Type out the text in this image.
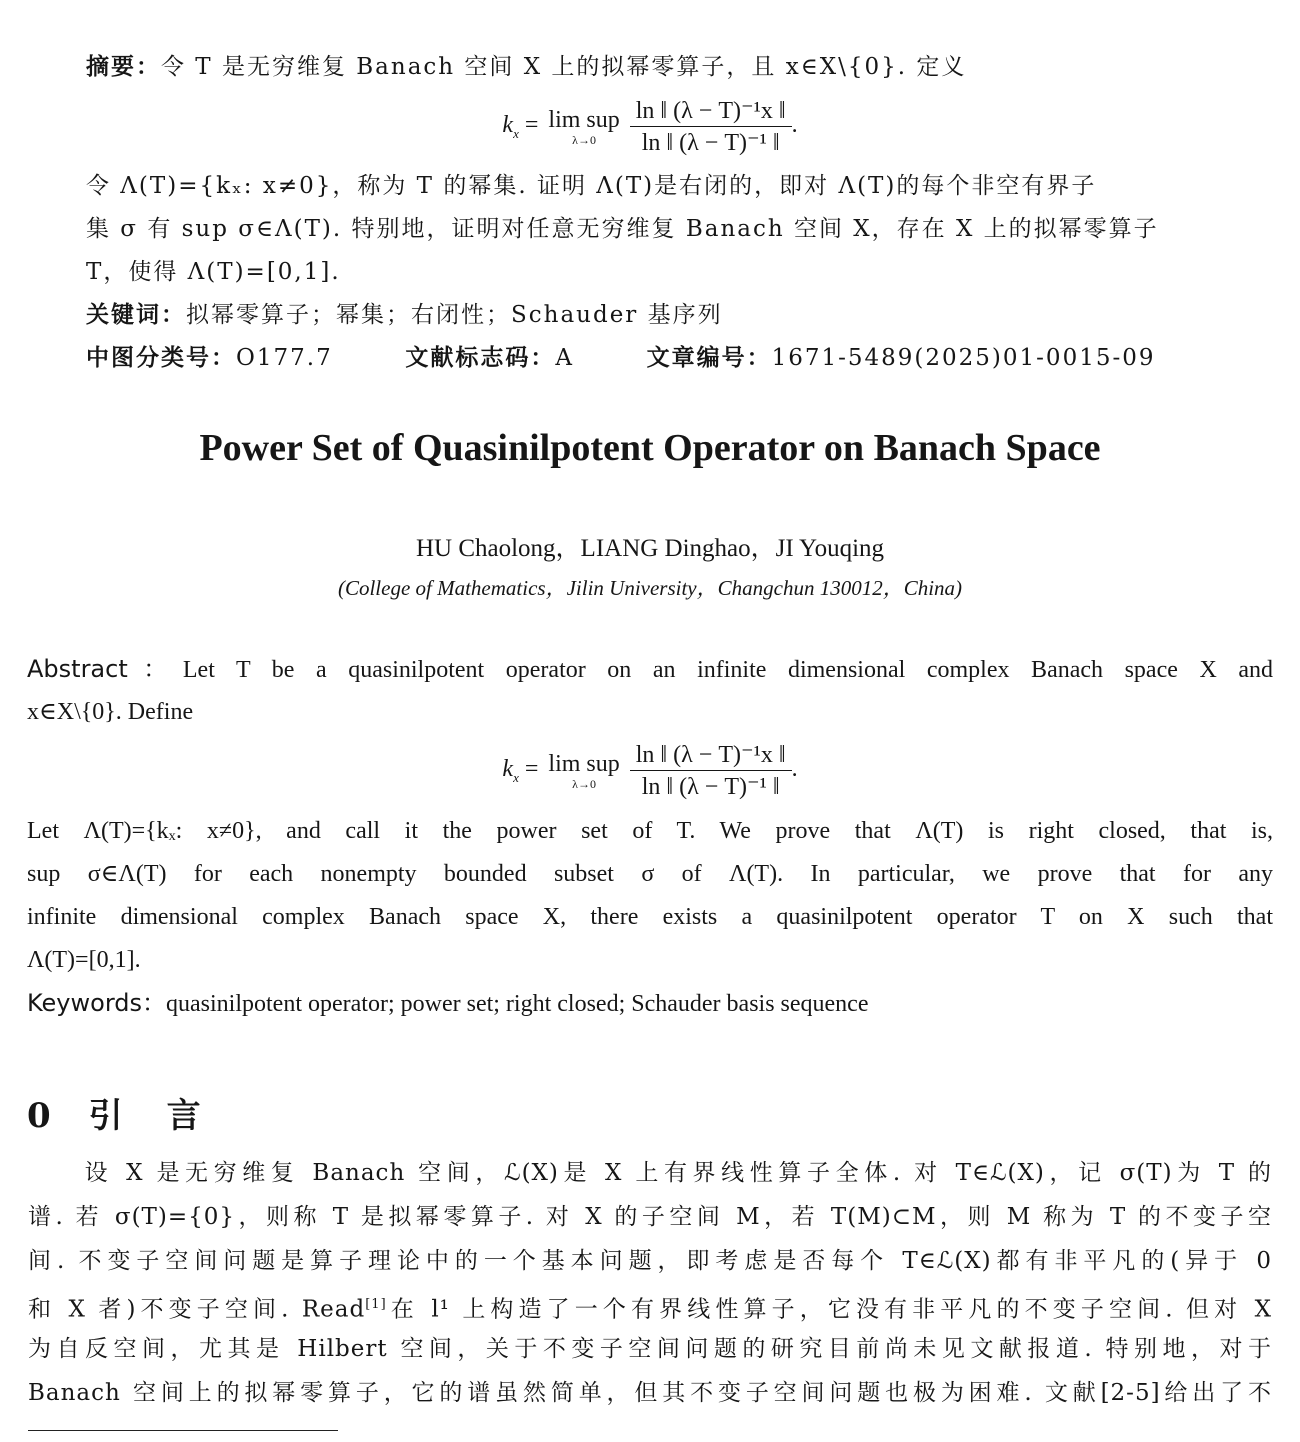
摘要：令 T 是无穷维复 Banach 空间 X 上的拟幂零算子，且 x∈X\{0}. 定义
$k_x = \lim$ sup
λ→0
$\frac{\text{ln ‖ (λ − T)⁻¹x ‖}}{\text{ln ‖ (λ − T)⁻¹ ‖}}$ .
令 Λ(T)={kₓ: x≠0}，称为 T 的幂集. 证明 Λ(T)是右闭的，即对 Λ(T)的每个非空有界子
集 σ 有 sup σ∈Λ(T). 特别地，证明对任意无穷维复 Banach 空间 X，存在 X 上的拟幂零算子
T，使得 Λ(T)=[0,1].
关键词：拟幂零算子；幂集；右闭性；Schauder 基序列
中图分类号：O177.7	文献标志码：A	文章编号：1671-5489(2025)01-0015-09
Power Set of Quasinilpotent Operator on Banach Space
HU Chaolong，LIANG Dinghao，JI Youqing
(College of Mathematics，Jilin University，Changchun 130012，China)
Abstract：Let T be a quasinilpotent operator on an infinite dimensional complex Banach space X and
x∈X\{0}. Define
$k_x = \lim$ sup
λ→0
$\frac{\text{ln ‖ (λ − T)⁻¹x ‖}}{\text{ln ‖ (λ − T)⁻¹ ‖}}$ .
Let Λ(T)={kₓ: x≠0}, and call it the power set of T. We prove that Λ(T) is right closed, that is,
sup σ∈Λ(T) for each nonempty bounded subset σ of Λ(T). In particular, we prove that for any
infinite dimensional complex Banach space X, there exists a quasinilpotent operator T on X such that
Λ(T)=[0,1].
Keywords：quasinilpotent operator; power set; right closed; Schauder basis sequence
0 引 言
设 X 是无穷维复 Banach 空间，ℒ(X)是 X 上有界线性算子全体. 对 T∈ℒ(X)，记 σ(T)为 T 的
谱. 若 σ(T)={0}，则称 T 是拟幂零算子. 对 X 的子空间 M，若 T(M)⊂M，则 M 称为 T 的不变子空
间. 不变子空间问题是算子理论中的一个基本问题，即考虑是否每个 T∈ℒ(X)都有非平凡的(异于 0
和 X 者)不变子空间. Read[1]在 l¹ 上构造了一个有界线性算子，它没有非平凡的不变子空间. 但对 X
为自反空间，尤其是 Hilbert 空间，关于不变子空间问题的研究目前尚未见文献报道. 特别地，对于
Banach 空间上的拟幂零算子，它的谱虽然简单，但其不变子空间问题也极为困难. 文献[2-5]给出了不
